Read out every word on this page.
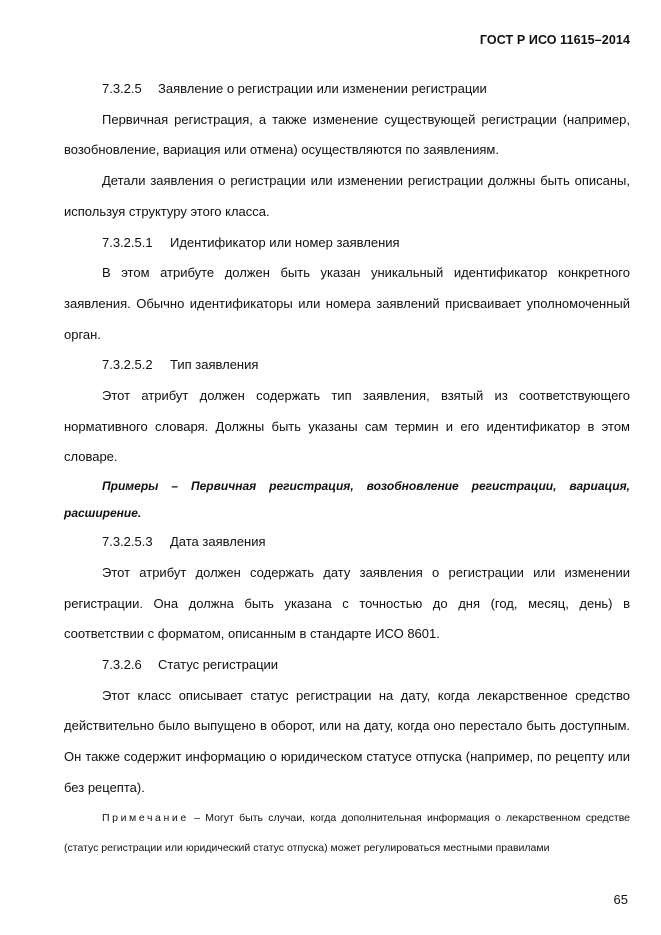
ГОСТ Р ИСО 11615–2014

7.3.2.5 Заявление о регистрации или изменении регистрации

Первичная регистрация, а также изменение существующей регистрации (например, возобновление, вариация или отмена) осуществляются по заявлениям.

Детали заявления о регистрации или изменении регистрации должны быть описаны, используя структуру этого класса.

7.3.2.5.1 Идентификатор или номер заявления

В этом атрибуте должен быть указан уникальный идентификатор конкретного заявления. Обычно идентификаторы или номера заявлений присваивает уполномоченный орган.

7.3.2.5.2 Тип заявления

Этот атрибут должен содержать тип заявления, взятый из соответствующего нормативного словаря. Должны быть указаны сам термин и его идентификатор в этом словаре.

Примеры – Первичная регистрация, возобновление регистрации, вариация, расширение.

7.3.2.5.3 Дата заявления

Этот атрибут должен содержать дату заявления о регистрации или изменении регистрации. Она должна быть указана с точностью до дня (год, месяц, день) в соответствии с форматом, описанным в стандарте ИСО 8601.

7.3.2.6 Статус регистрации

Этот класс описывает статус регистрации на дату, когда лекарственное средство действительно было выпущено в оборот, или на дату, когда оно перестало быть доступным. Он также содержит информацию о юридическом статусе отпуска (например, по рецепту или без рецепта).

Примечание – Могут быть случаи, когда дополнительная информация о лекарственном средстве (статус регистрации или юридический статус отпуска) может регулироваться местными правилами

65
